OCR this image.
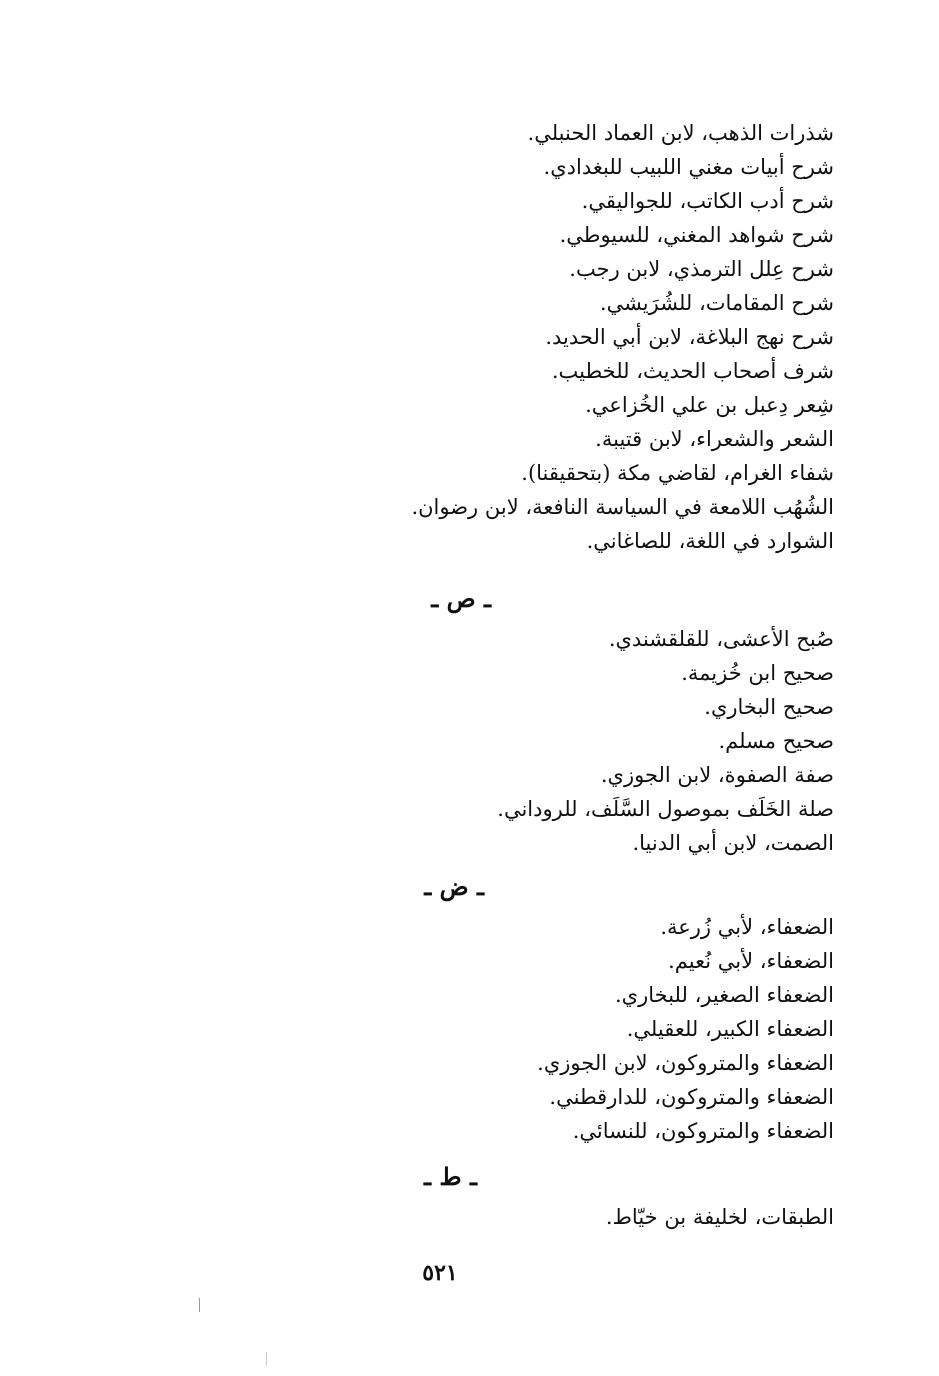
شذرات الذهب، لابن العماد الحنبلي.
شرح أبيات مغني اللبيب للبغدادي.
شرح أدب الكاتب، للجواليقي.
شرح شواهد المغني، للسيوطي.
شرح عِلل الترمذي، لابن رجب.
شرح المقامات، للشُرَيشي.
شرح نهج البلاغة، لابن أبي الحديد.
شرف أصحاب الحديث، للخطيب.
شِعر دِعبل بن علي الخُزاعي.
الشعر والشعراء، لابن قتيبة.
شفاء الغرام، لقاضي مكة (بتحقيقنا).
الشُهُب اللامعة في السياسة النافعة، لابن رضوان.
الشوارد في اللغة، للصاغاني.
ـ ص ـ
صُبح الأعشى، للقلقشندي.
صحيح ابن خُزيمة.
صحيح البخاري.
صحيح مسلم.
صفة الصفوة، لابن الجوزي.
صلة الخَلَف بموصول السَّلَف، للروداني.
الصمت، لابن أبي الدنيا.
ـ ض ـ
الضعفاء، لأبي زُرعة.
الضعفاء، لأبي نُعيم.
الضعفاء الصغير، للبخاري.
الضعفاء الكبير، للعقيلي.
الضعفاء والمتروكون، لابن الجوزي.
الضعفاء والمتروكون، للدارقطني.
الضعفاء والمتروكون، للنسائي.
ـ ط ـ
الطبقات، لخليفة بن خيّاط.
٥٢١
